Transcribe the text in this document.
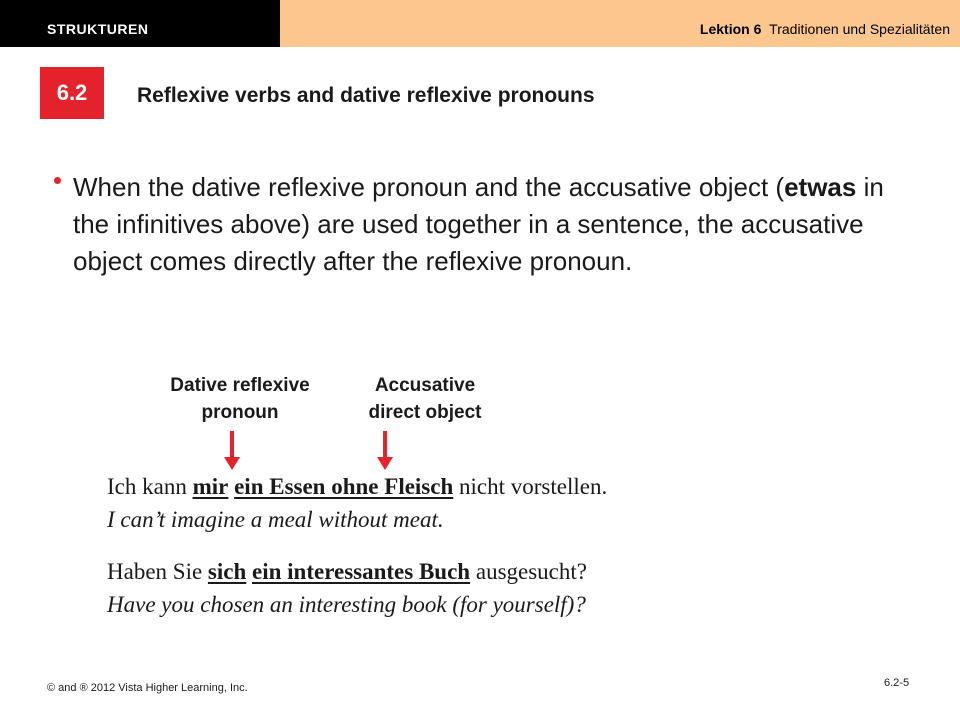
STRUKTUREN	Lektion 6 Traditionen und Spezialitäten
6.2	Reflexive verbs and dative reflexive pronouns
When the dative reflexive pronoun and the accusative object (etwas in the infinitives above) are used together in a sentence, the accusative object comes directly after the reflexive pronoun.
Dative reflexive
pronoun
Accusative
direct object
Ich kann mir ein Essen ohne Fleisch nicht vorstellen.
I can’t imagine a meal without meat.
Haben Sie sich ein interessantes Buch ausgesucht?
Have you chosen an interesting book (for yourself)?
© and ® 2012 Vista Higher Learning, Inc.	6.2-5
